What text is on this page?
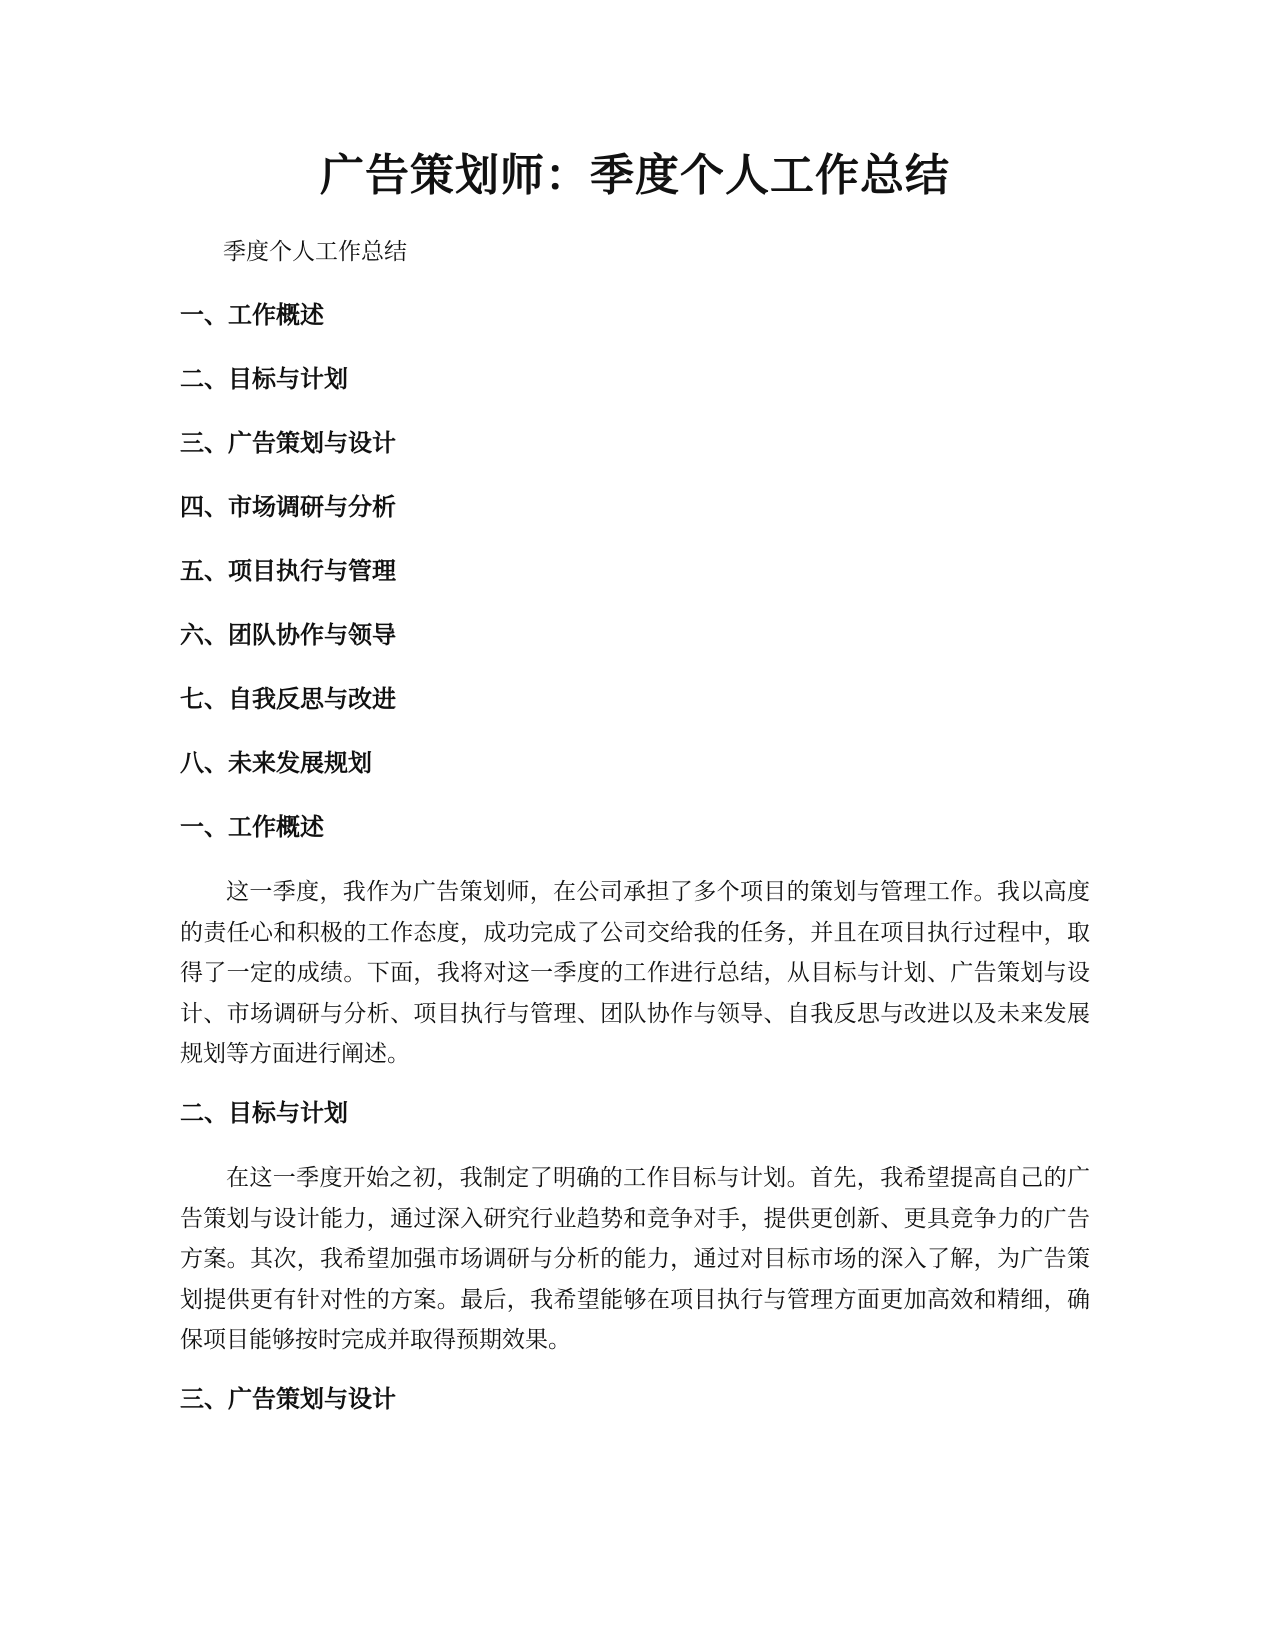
广告策划师：季度个人工作总结

季度个人工作总结

一、工作概述
二、目标与计划
三、广告策划与设计
四、市场调研与分析
五、项目执行与管理
六、团队协作与领导
七、自我反思与改进
八、未来发展规划
一、工作概述

这一季度，我作为广告策划师，在公司承担了多个项目的策划与管理工作。我以高度的责任心和积极的工作态度，成功完成了公司交给我的任务，并且在项目执行过程中，取得了一定的成绩。下面，我将对这一季度的工作进行总结，从目标与计划、广告策划与设计、市场调研与分析、项目执行与管理、团队协作与领导、自我反思与改进以及未来发展规划等方面进行阐述。

二、目标与计划

在这一季度开始之初，我制定了明确的工作目标与计划。首先，我希望提高自己的广告策划与设计能力，通过深入研究行业趋势和竞争对手，提供更创新、更具竞争力的广告方案。其次，我希望加强市场调研与分析的能力，通过对目标市场的深入了解，为广告策划提供更有针对性的方案。最后，我希望能够在项目执行与管理方面更加高效和精细，确保项目能够按时完成并取得预期效果。

三、广告策划与设计
